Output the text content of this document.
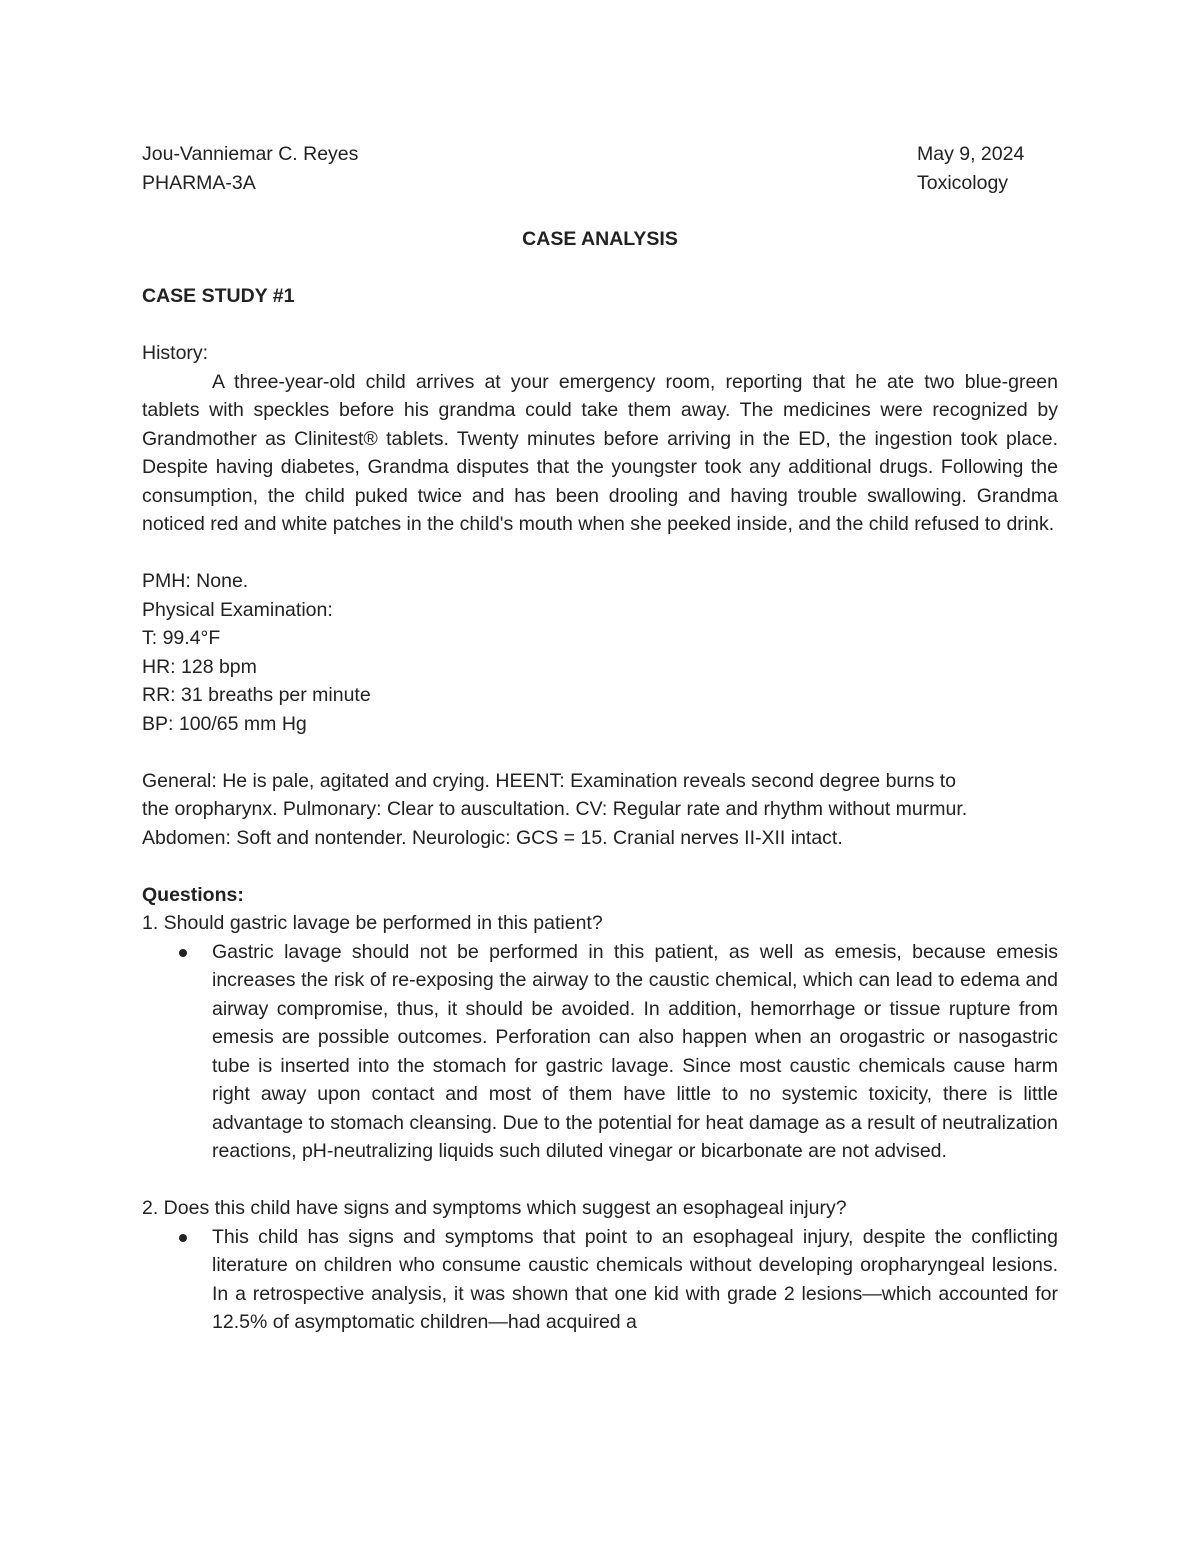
Jou-Vanniemar C. Reyes	May 9, 2024
PHARMA-3A	Toxicology
CASE ANALYSIS
CASE STUDY #1
History:

A three-year-old child arrives at your emergency room, reporting that he ate two blue-green tablets with speckles before his grandma could take them away. The medicines were recognized by Grandmother as Clinitest® tablets. Twenty minutes before arriving in the ED, the ingestion took place. Despite having diabetes, Grandma disputes that the youngster took any additional drugs. Following the consumption, the child puked twice and has been drooling and having trouble swallowing. Grandma noticed red and white patches in the child's mouth when she peeked inside, and the child refused to drink.

PMH: None.
Physical Examination:
T: 99.4°F
HR: 128 bpm
RR: 31 breaths per minute
BP: 100/65 mm Hg
General: He is pale, agitated and crying. HEENT: Examination reveals second degree burns to
the oropharynx. Pulmonary: Clear to auscultation. CV: Regular rate and rhythm without murmur.
Abdomen: Soft and nontender. Neurologic: GCS = 15. Cranial nerves II-XII intact.
Questions:
1. Should gastric lavage be performed in this patient?

Gastric lavage should not be performed in this patient, as well as emesis, because emesis increases the risk of re-exposing the airway to the caustic chemical, which can lead to edema and airway compromise, thus, it should be avoided. In addition, hemorrhage or tissue rupture from emesis are possible outcomes. Perforation can also happen when an orogastric or nasogastric tube is inserted into the stomach for gastric lavage. Since most caustic chemicals cause harm right away upon contact and most of them have little to no systemic toxicity, there is little advantage to stomach cleansing. Due to the potential for heat damage as a result of neutralization reactions, pH-neutralizing liquids such diluted vinegar or bicarbonate are not advised.

2. Does this child have signs and symptoms which suggest an esophageal injury?

This child has signs and symptoms that point to an esophageal injury, despite the conflicting literature on children who consume caustic chemicals without developing oropharyngeal lesions. In a retrospective analysis, it was shown that one kid with grade 2 lesions—which accounted for 12.5% of asymptomatic children—had acquired a
